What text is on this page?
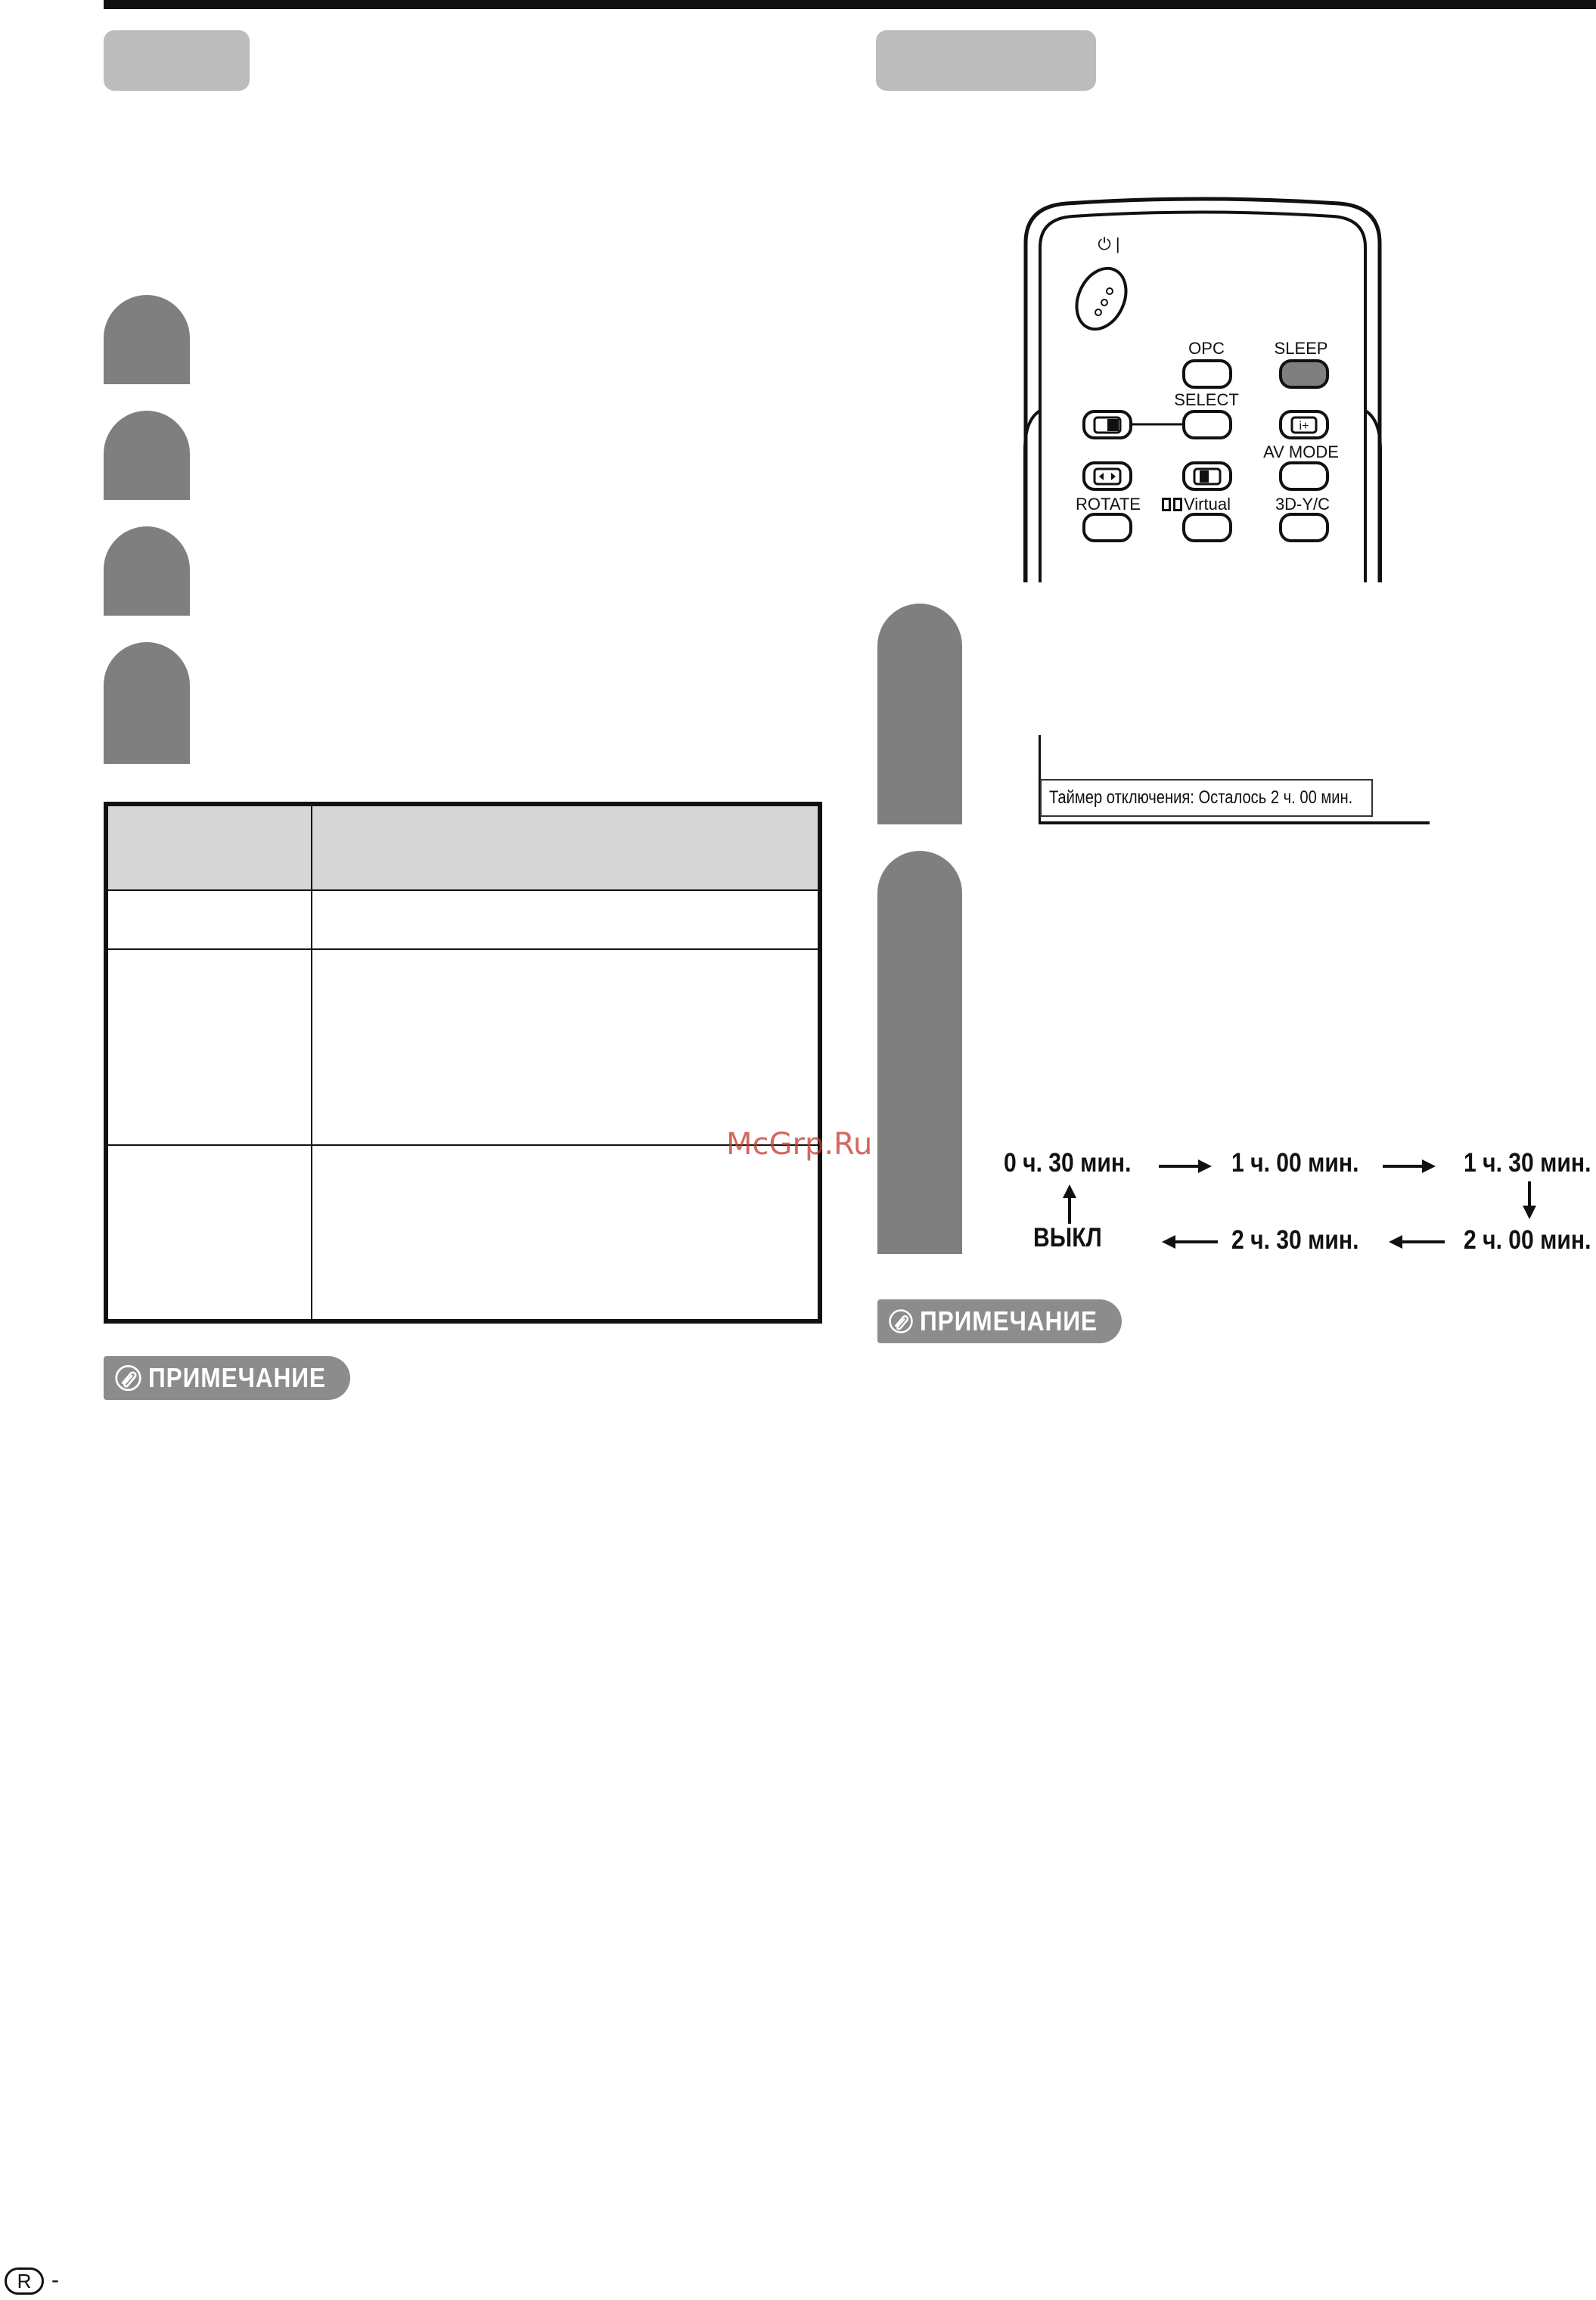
ПРИМЕЧАНИЕ
i+
⏻ |
OPC	SLEEP
SELECT
AV MODE
ROTATE	Virtual	3D-Y/C
Таймер отключения: Осталось 2 ч. 00 мин.
0 ч. 30 мин.	1 ч. 00 мин.	1 ч. 30 мин.
2 ч. 00 мин.
2 ч. 30 мин.
ВЫКЛ
ПРИМЕЧАНИЕ
McGrp.Ru
R -
